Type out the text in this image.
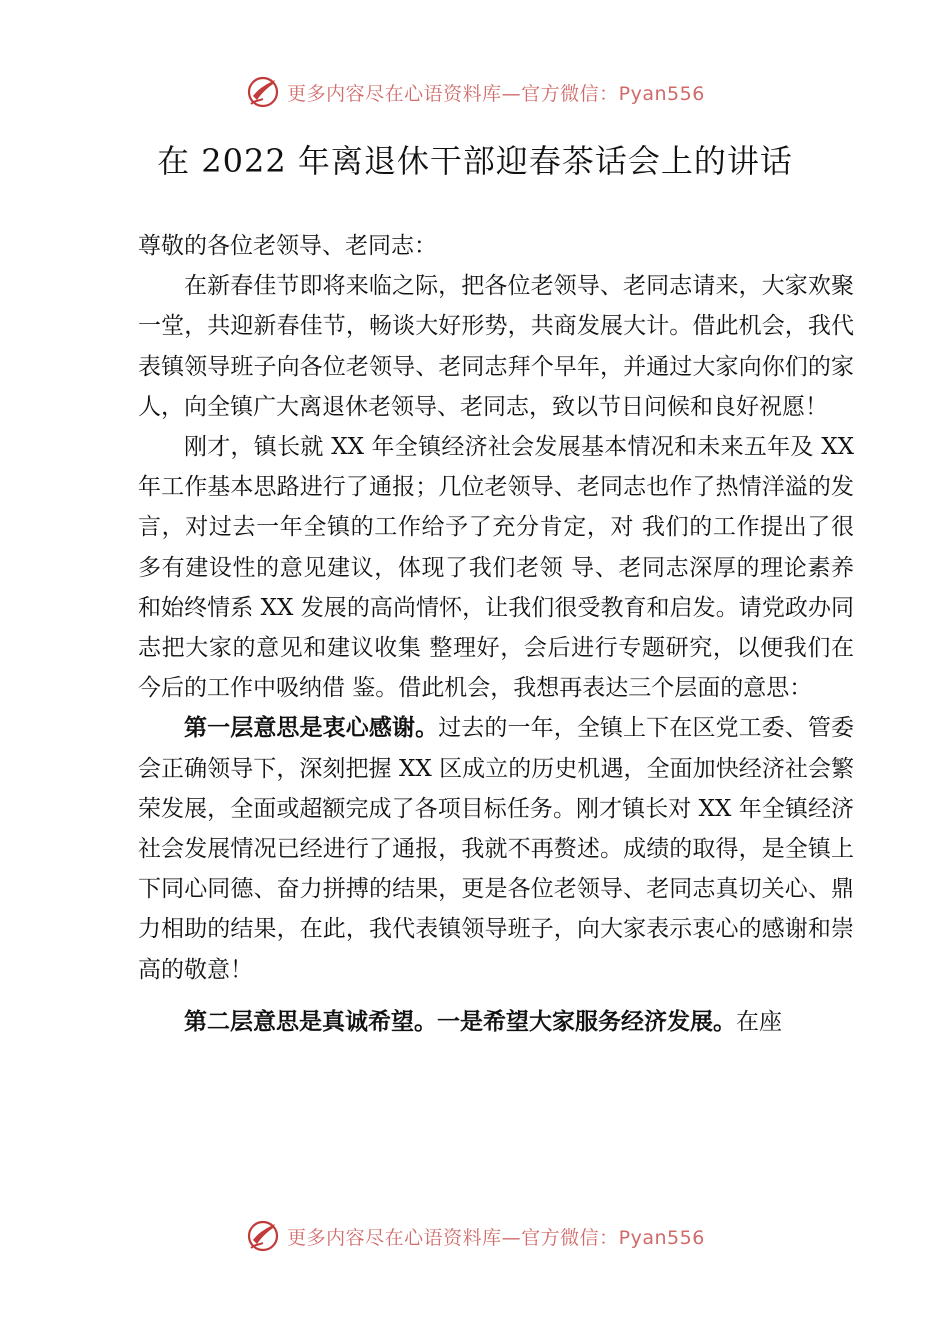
更多内容尽在心语资料库—官方微信：Pyan556
在 2022 年离退休干部迎春茶话会上的讲话

尊敬的各位老领导、老同志：

在新春佳节即将来临之际，把各位老领导、老同志请来，大家欢聚一堂，共迎新春佳节，畅谈大好形势，共商发展大计。借此机会，我代表镇领导班子向各位老领导、老同志拜个早年，并通过大家向你们的家人，向全镇广大离退休老领导、老同志，致以节日问候和良好祝愿！

刚才，镇长就 XX 年全镇经济社会发展基本情况和未来五年及 XX 年工作基本思路进行了通报；几位老领导、老同志也作了热情洋溢的发言，对过去一年全镇的工作给予了充分肯定，对 我们的工作提出了很多有建设性的意见建议，体现了我们老领 导、老同志深厚的理论素养和始终情系 XX 发展的高尚情怀，让我们很受教育和启发。请党政办同志把大家的意见和建议收集 整理好，会后进行专题研究，以便我们在今后的工作中吸纳借 鉴。借此机会，我想再表达三个层面的意思：

第一层意思是衷心感谢。过去的一年，全镇上下在区党工委、管委会正确领导下，深刻把握 XX 区成立的历史机遇，全面加快经济社会繁荣发展，全面或超额完成了各项目标任务。刚才镇长对 XX 年全镇经济社会发展情况已经进行了通报，我就不再赘述。成绩的取得，是全镇上下同心同德、奋力拼搏的结果，更是各位老领导、老同志真切关心、鼎力相助的结果，在此，我代表镇领导班子，向大家表示衷心的感谢和崇高的敬意！

第二层意思是真诚希望。一是希望大家服务经济发展。在座

更多内容尽在心语资料库—官方微信：Pyan556
